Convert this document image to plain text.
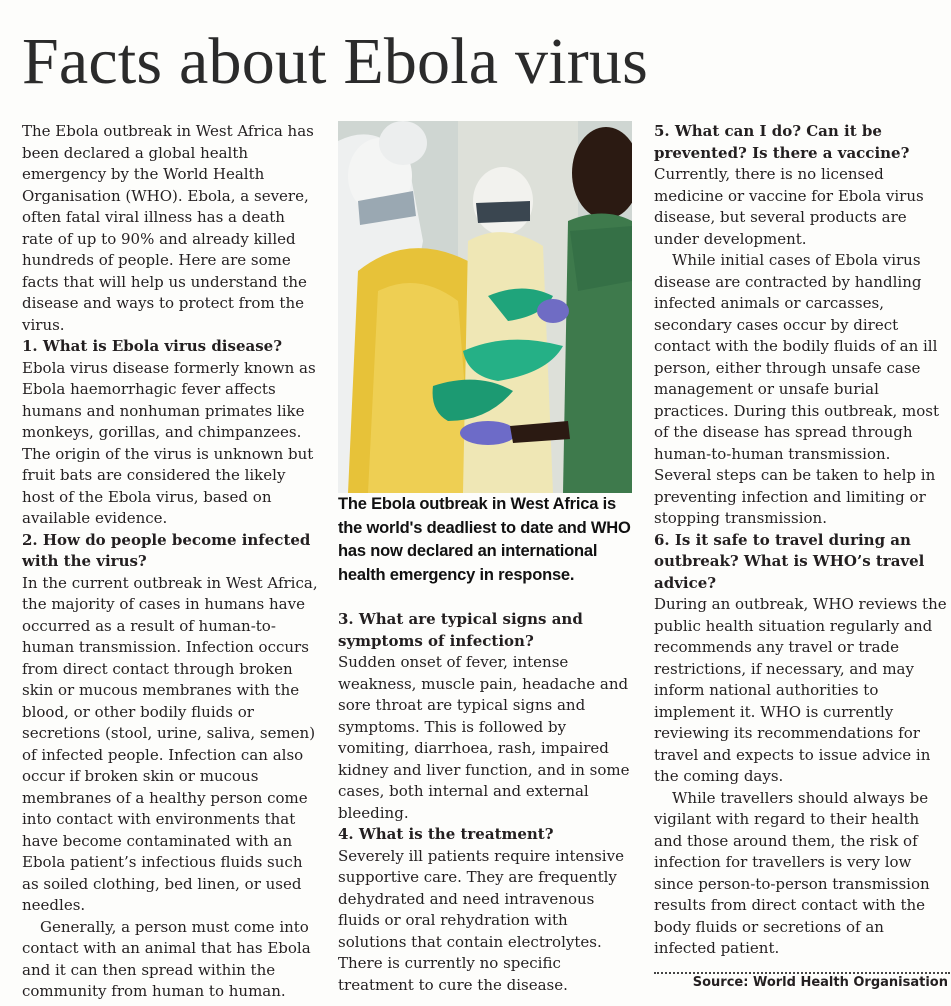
Facts about Ebola virus

The Ebola outbreak in West Africa has been declared a global health emergency by the World Health Organisation (WHO). Ebola, a severe, often fatal viral illness has a death rate of up to 90% and already killed hundreds of people. Here are some facts that will help us understand the disease and ways to protect from the virus.

1. What is Ebola virus disease?

Ebola virus disease formerly known as Ebola haemorrhagic fever affects humans and nonhuman primates like monkeys, gorillas, and chimpanzees. The origin of the virus is unknown but fruit bats are considered the likely host of the Ebola virus, based on available evidence.

2. How do people become infected with the virus?

In the current outbreak in West Africa, the majority of cases in humans have occurred as a result of human-to-human transmission. Infection occurs from direct contact through broken skin or mucous membranes with the blood, or other bodily fluids or secretions (stool, urine, saliva, semen) of infected people. Infection can also occur if broken skin or mucous membranes of a healthy person come into contact with environments that have become contaminated with an Ebola patient’s infectious fluids such as soiled clothing, bed linen, or used needles.

Generally, a person must come into contact with an animal that has Ebola and it can then spread within the community from human to human.

The Ebola outbreak in West Africa is the world's deadliest to date and WHO has now declared an international health emergency in response.

3. What are typical signs and symptoms of infection?

Sudden onset of fever, intense weakness, muscle pain, headache and sore throat are typical signs and symptoms. This is followed by vomiting, diarrhoea, rash, impaired kidney and liver function, and in some cases, both internal and external bleeding.

4. What is the treatment?

Severely ill patients require intensive supportive care. They are frequently dehydrated and need intravenous fluids or oral rehydration with solutions that contain electrolytes. There is currently no specific treatment to cure the disease.

5. What can I do? Can it be prevented? Is there a vaccine?

Currently, there is no licensed medicine or vaccine for Ebola virus disease, but several products are under development.

While initial cases of Ebola virus disease are contracted by handling infected animals or carcasses, secondary cases occur by direct contact with the bodily fluids of an ill person, either through unsafe case management or unsafe burial practices. During this outbreak, most of the disease has spread through human-to-human transmission. Several steps can be taken to help in preventing infection and limiting or stopping transmission.

6. Is it safe to travel during an outbreak? What is WHO’s travel advice?

During an outbreak, WHO reviews the public health situation regularly and recommends any travel or trade restrictions, if necessary, and may inform national authorities to implement it. WHO is currently reviewing its recommendations for travel and expects to issue advice in the coming days.

While travellers should always be vigilant with regard to their health and those around them, the risk of infection for travellers is very low since person-to-person transmission results from direct contact with the body fluids or secretions of an infected patient.

Source: World Health Organisation
